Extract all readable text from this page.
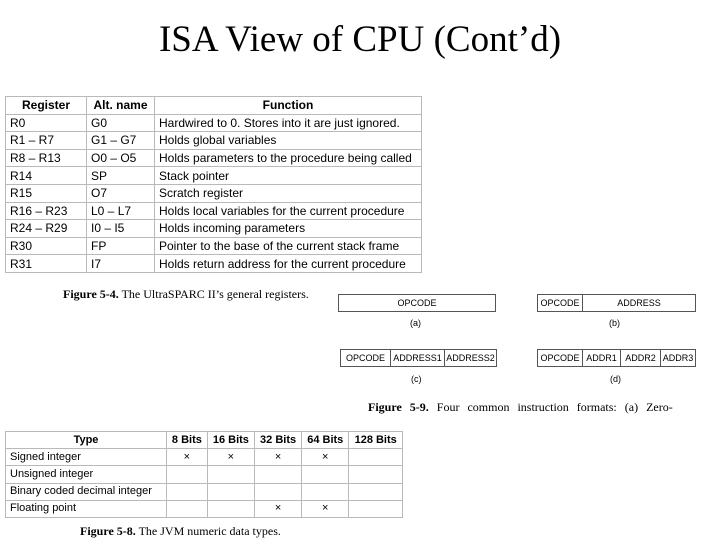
ISA View of CPU (Cont’d)
Register	Alt. name	Function
R0	G0	Hardwired to 0. Stores into it are just ignored.
R1 – R7	G1 – G7	Holds global variables
R8 – R13	O0 – O5	Holds parameters to the procedure being called
R14	SP	Stack pointer
R15	O7	Scratch register
R16 – R23	L0 – L7	Holds local variables for the current procedure
R24 – R29	I0 – I5	Holds incoming parameters
R30	FP	Pointer to the base of the current stack frame
R31	I7	Holds return address for the current procedure
Figure 5-4. The UltraSPARC II’s general registers.
OPCODE
(a)
OPCODE	ADDRESS
(b)
OPCODE ADDRESS1 ADDRESS2
(c)
OPCODE ADDR1 ADDR2 ADDR3
(d)
Figure 5-9. Four common instruction formats: (a) Zero-
Type	8 Bits	16 Bits	32 Bits	64 Bits	128 Bits
Signed integer	×	×	×	×	
Unsigned integer					
Binary coded decimal integer					
Floating point			×	×	
Figure 5-8. The JVM numeric data types.
